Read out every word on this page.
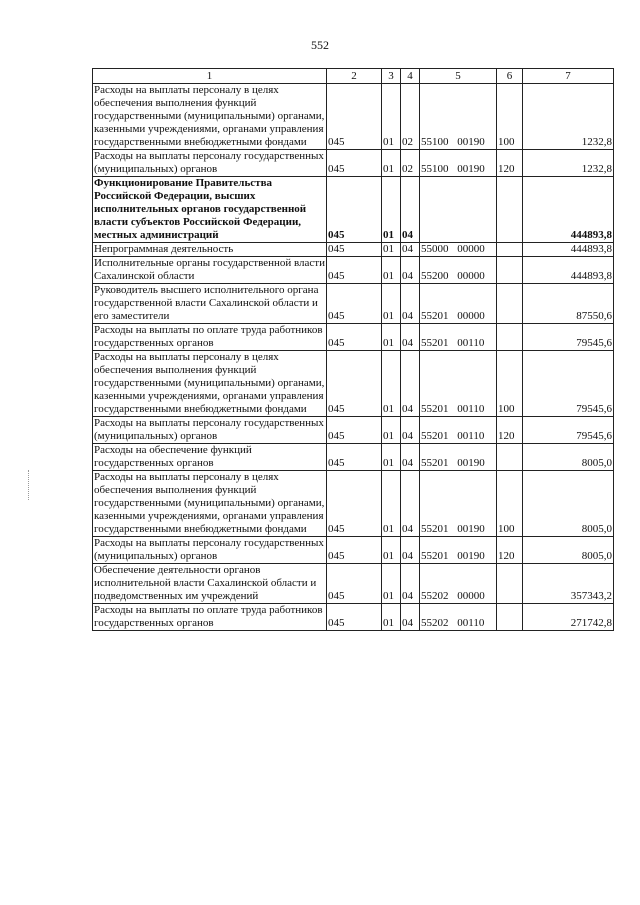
552
1	2	3	4	5	6	7
Расходы на выплаты персоналу в целях обеспечения выполнения функций государственными (муниципальными) органами, казенными учреждениями, органами управления государственными внебюджетными фондами	045	01	02	55100 00190	100	1232,8
Расходы на выплаты персоналу государственных (муниципальных) органов	045	01	02	55100 00190	120	1232,8
Функционирование Правительства Российской Федерации, высших исполнительных органов государственной власти субъектов Российской Федерации, местных администраций	045	01	04			444893,8
Непрограммная деятельность	045	01	04	55000 00000		444893,8
Исполнительные органы государственной власти Сахалинской области	045	01	04	55200 00000		444893,8
Руководитель высшего исполнительного органа государственной власти Сахалинской области и его заместители	045	01	04	55201 00000		87550,6
Расходы на выплаты по оплате труда работников государственных органов	045	01	04	55201 00110		79545,6
Расходы на выплаты персоналу в целях обеспечения выполнения функций государственными (муниципальными) органами, казенными учреждениями, органами управления государственными внебюджетными фондами	045	01	04	55201 00110	100	79545,6
Расходы на выплаты персоналу государственных (муниципальных) органов	045	01	04	55201 00110	120	79545,6
Расходы на обеспечение функций государственных органов	045	01	04	55201 00190		8005,0
Расходы на выплаты персоналу в целях обеспечения выполнения функций государственными (муниципальными) органами, казенными учреждениями, органами управления государственными внебюджетными фондами	045	01	04	55201 00190	100	8005,0
Расходы на выплаты персоналу государственных (муниципальных) органов	045	01	04	55201 00190	120	8005,0
Обеспечение деятельности органов исполнительной власти Сахалинской области и подведомственных им учреждений	045	01	04	55202 00000		357343,2
Расходы на выплаты по оплате труда работников государственных органов	045	01	04	55202 00110		271742,8
